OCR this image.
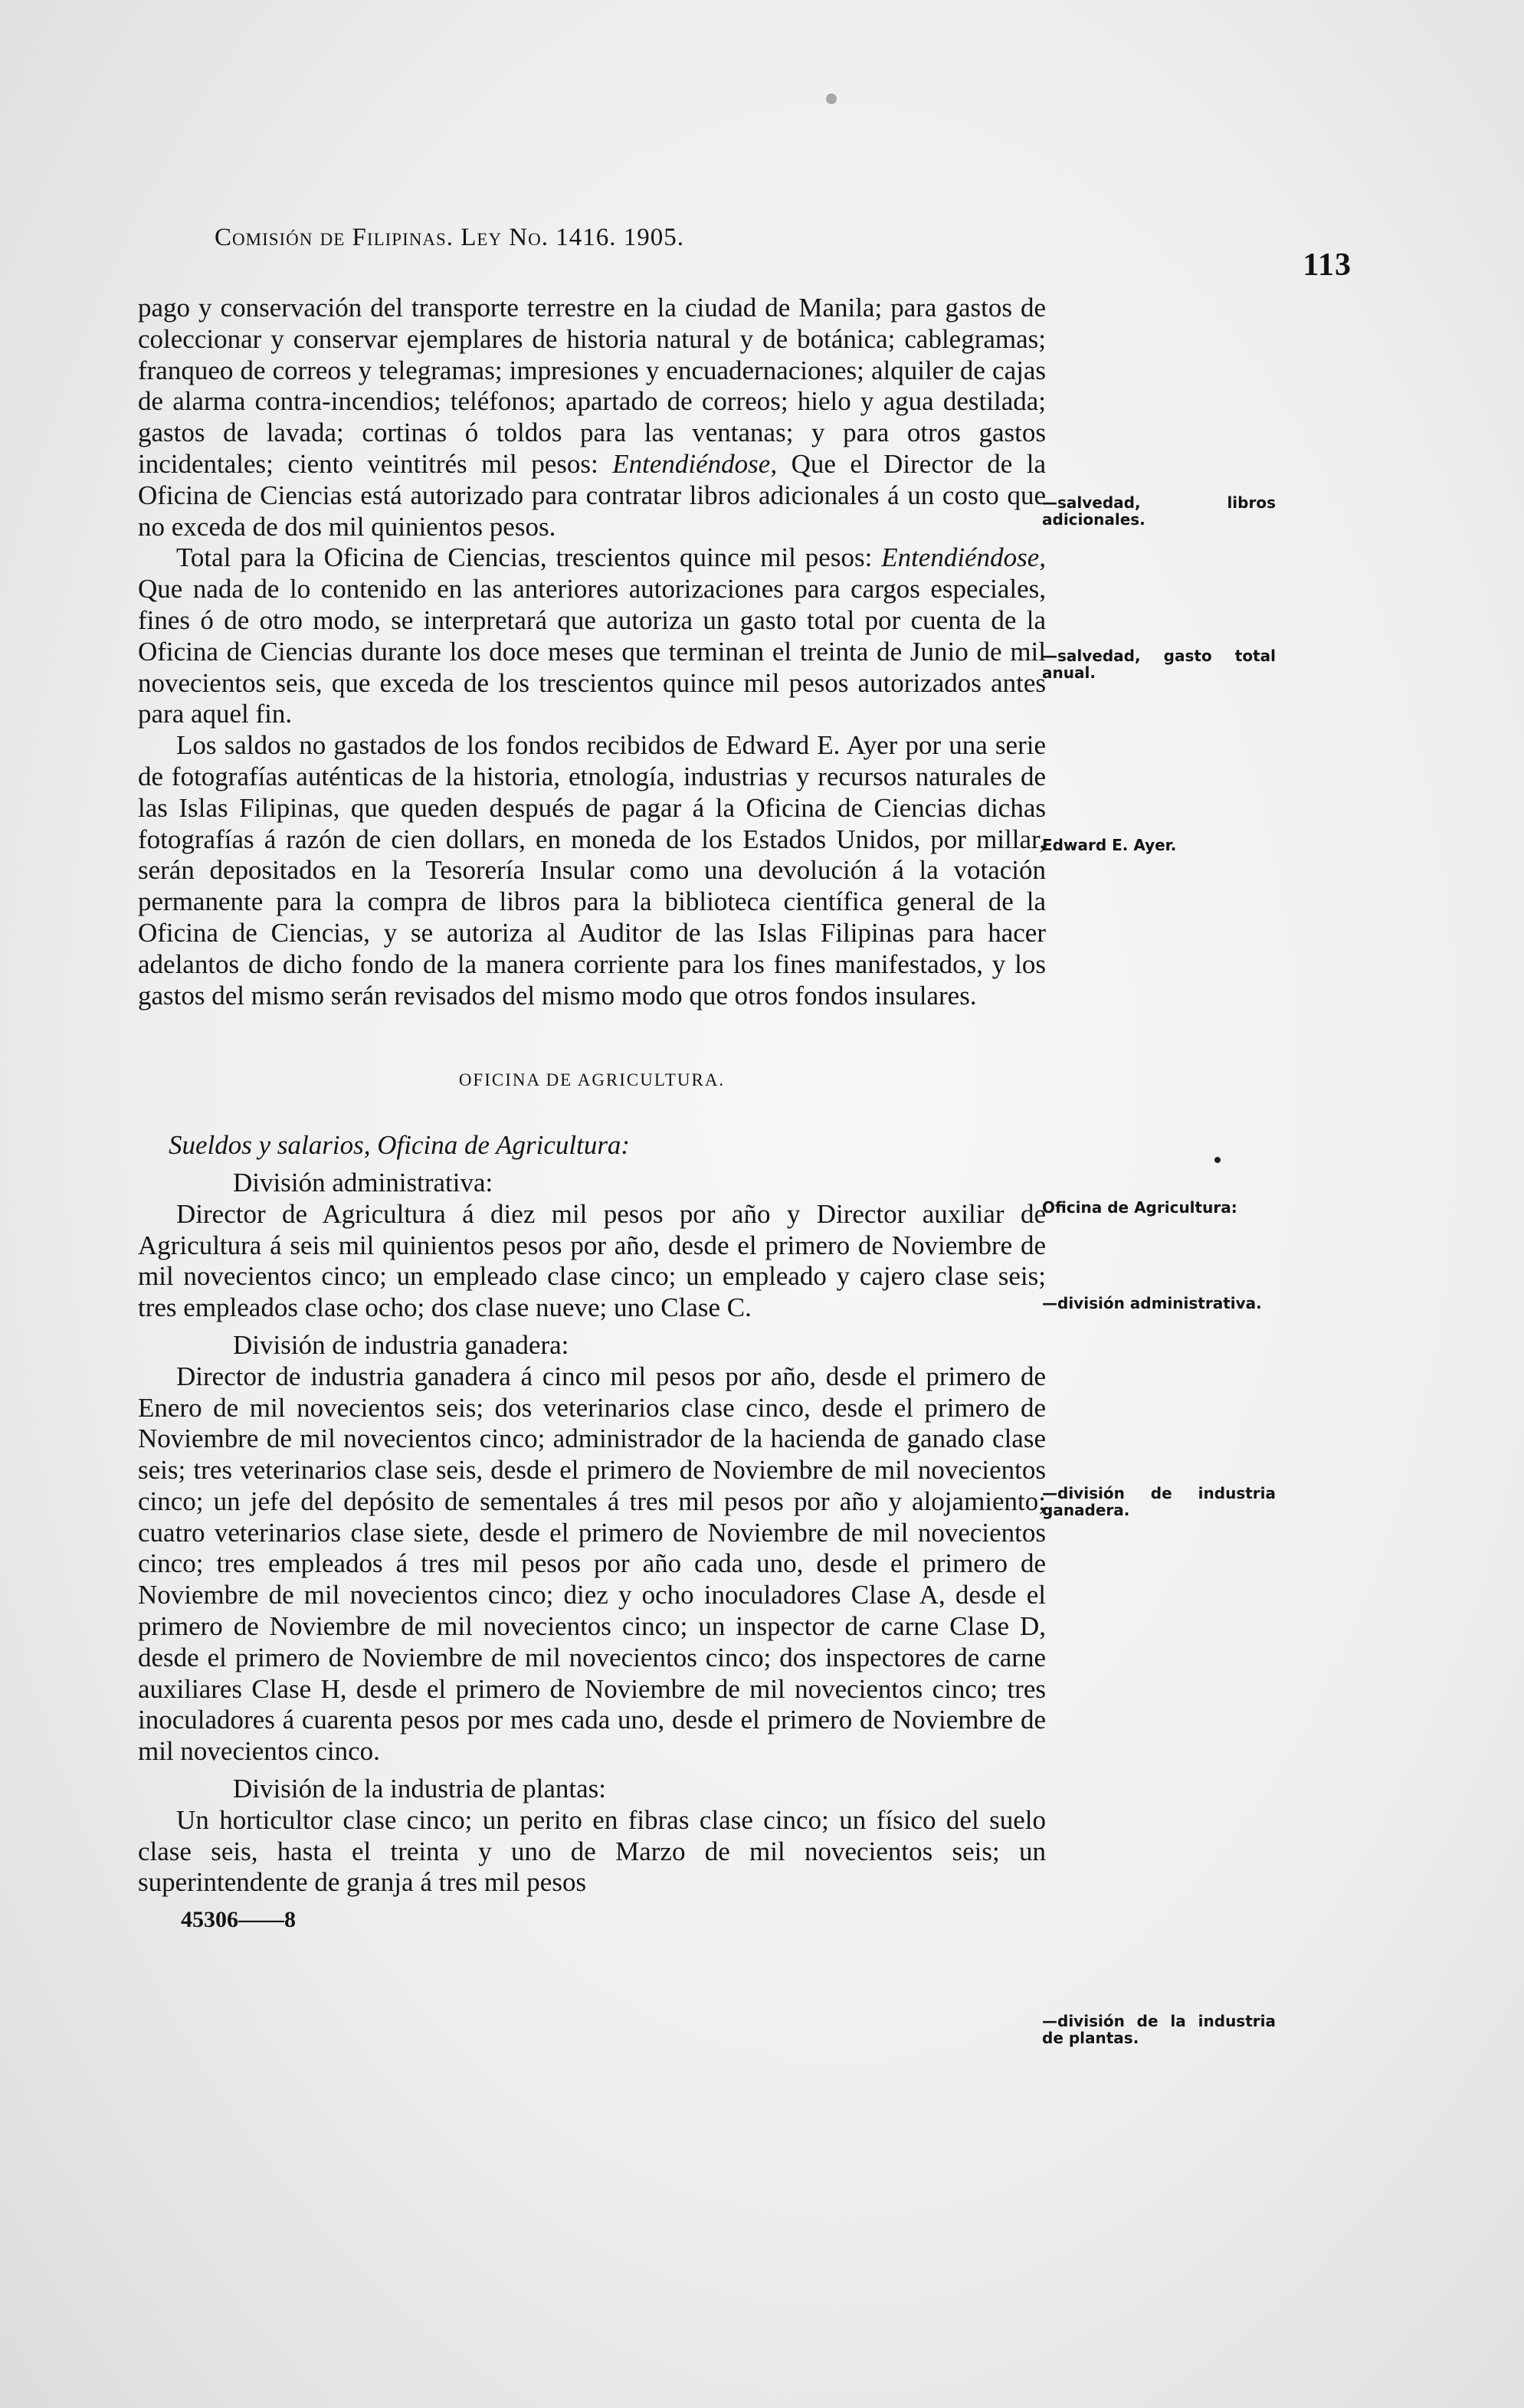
Comisión de Filipinas. Ley No. 1416. 1905.
113

pago y conservación del transporte terrestre en la ciudad de Manila; para gastos de coleccionar y conservar ejemplares de historia natural y de botánica; cablegramas; franqueo de correos y telegramas; impresiones y encuadernaciones; alquiler de cajas de alarma contra-incendios; teléfonos; apartado de correos; hielo y agua destilada; gastos de lavada; cortinas ó toldos para las ventanas; y para otros gastos incidentales; ciento veintitrés mil pesos: Entendiéndose, Que el Director de la Oficina de Ciencias está autorizado para contratar libros adicionales á un costo que no exceda de dos mil quinientos pesos.

Total para la Oficina de Ciencias, trescientos quince mil pesos: Entendiéndose, Que nada de lo contenido en las anteriores autorizaciones para cargos especiales, fines ó de otro modo, se interpretará que autoriza un gasto total por cuenta de la Oficina de Ciencias durante los doce meses que terminan el treinta de Junio de mil novecientos seis, que exceda de los trescientos quince mil pesos autorizados antes para aquel fin.

Los saldos no gastados de los fondos recibidos de Edward E. Ayer por una serie de fotografías auténticas de la historia, etnología, industrias y recursos naturales de las Islas Filipinas, que queden después de pagar á la Oficina de Ciencias dichas fotografías á razón de cien dollars, en moneda de los Estados Unidos, por millar, serán depositados en la Tesorería Insular como una devolución á la votación permanente para la compra de libros para la biblioteca científica general de la Oficina de Ciencias, y se autoriza al Auditor de las Islas Filipinas para hacer adelantos de dicho fondo de la manera corriente para los fines manifestados, y los gastos del mismo serán revisados del mismo modo que otros fondos insulares.

OFICINA DE AGRICULTURA.

Sueldos y salarios, Oficina de Agricultura:

División administrativa:

Director de Agricultura á diez mil pesos por año y Director auxiliar de Agricultura á seis mil quinientos pesos por año, desde el primero de Noviembre de mil novecientos cinco; un empleado clase cinco; un empleado y cajero clase seis; tres empleados clase ocho; dos clase nueve; uno Clase C.

División de industria ganadera:

Director de industria ganadera á cinco mil pesos por año, desde el primero de Enero de mil novecientos seis; dos veterinarios clase cinco, desde el primero de Noviembre de mil novecientos cinco; administrador de la hacienda de ganado clase seis; tres veterinarios clase seis, desde el primero de Noviembre de mil novecientos cinco; un jefe del depósito de sementales á tres mil pesos por año y alojamiento; cuatro veterinarios clase siete, desde el primero de Noviembre de mil novecientos cinco; tres empleados á tres mil pesos por año cada uno, desde el primero de Noviembre de mil novecientos cinco; diez y ocho inoculadores Clase A, desde el primero de Noviembre de mil novecientos cinco; un inspector de carne Clase D, desde el primero de Noviembre de mil novecientos cinco; dos inspectores de carne auxiliares Clase H, desde el primero de Noviembre de mil novecientos cinco; tres inoculadores á cuarenta pesos por mes cada uno, desde el primero de Noviembre de mil novecientos cinco.

División de la industria de plantas:

Un horticultor clase cinco; un perito en fibras clase cinco; un físico del suelo clase seis, hasta el treinta y uno de Marzo de mil novecientos seis; un superintendente de granja á tres mil pesos

45306——8

—salvedad, libros adicionales.
—salvedad, gasto total anual.
Edward E. Ayer.
Oficina de Agricultura:
—división administrativa.
—división de industria ganadera.
—división de la industria de plantas.
